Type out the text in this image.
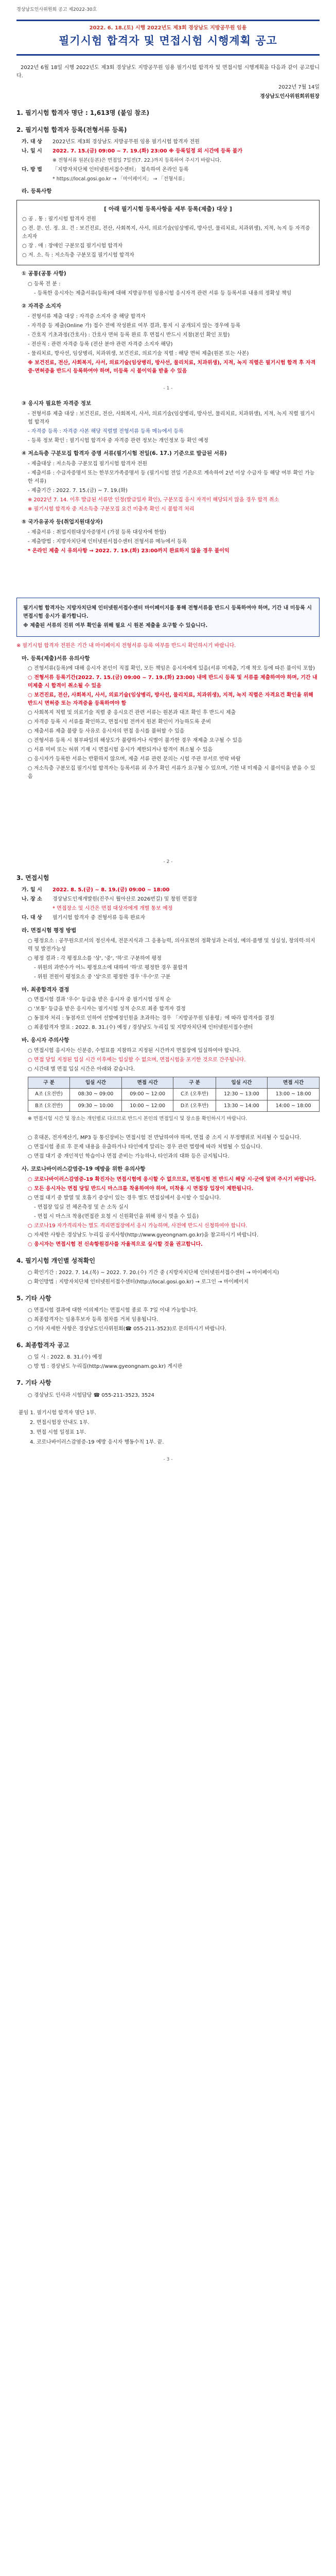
경상남도인사위원회 공고 제2022-30호

2022. 6. 18.(토) 시행 2022년도 제3회 경상남도 지방공무원 임용
필기시험 합격자 및 면접시험 시행계획 공고

2022년 6월 18일 시행 2022년도 제3회 경상남도 지방공무원 임용 필기시험 합격자 및 면접시험 시행계획을 다음과 같이 공고합니다.

2022년 7월 14일

경상남도인사위원회위원장

1. 필기시험 합격자 명단 : 1,613명 (붙임 참조)
2. 필기시험 합격자 등록(전형서류 등록)
가. 대 상	2022년도 제3회 경상남도 지방공무원 임용 필기시험 합격자 전원
나. 일 시	2022. 7. 15.(금) 09:00 ~ 7. 19.(화) 23:00 ※ 등록일정 외 시간에 등록 불가
※ 전형서류 원본(등본)은 면접일 7일전(7. 22.)까지 등록하여 주시기 바랍니다.
다. 방 법	「지방자치단체 인터넷원서접수센터」 접속하여 온라인 등록
* https://local.gosi.go.kr → 「마이페이지」 → 「전형서류」
라. 등록사항
[ 아래 필기시험 등록사항을 세부 등록(제출) 대상 ]

○ 공 . 통 : 필기시험 합격자 전원

○ 전. 문. 인. 정. 요. 건 : 보건진료, 전산, 사회복지, 사서, 의료기술(임상병리, 방사선, 물리치료, 치과위생), 지적, 녹지 등 자격증 소지자

○ 장 . 애 : 장애인 구분모집 필기시험 합격자

○ 저. 소. 득 : 저소득층 구분모집 필기시험 합격자

① 공통(공통 사항)

○ 등록 전 분 :

- 등록한 응시자는 제출서류(등록)에 대해 지방공무원 임용시험 응시자격 관련 서류 등 등록서류 내용의 정확성 책임

② 자격증 소지자

- 전형서류 제출 대상 : 자격증 소지자 중 해당 합격자

- 자격증 등 제출(Online 가) 접수 전에 작성완료 여부 결과, 통지 시 공개되지 않는 경우에 등록

- 간호직 기초과정(간호사) : 간호사 면허 등록 완료 후 면접시 반드시 지참(본인 확인 포함)

- 전산직 : 관련 자격증 등록 (전산 분야 관련 자격증 소지자 해당)

- 물리치료, 방사선, 임상병리, 치과위생, 보건진료, 의료기술 직렬 : 해당 면허 제출(원본 또는 사본)

※ 보건진료, 전산, 사회복지, 사서, 의료기술(임상병리, 방사선, 물리치료, 치과위생), 지적, 녹지 직렬은 필기시험 합격 후 자격증·면허증을 반드시 등록하여야 하며, 미등록 시 불이익을 받을 수 있음

- 1 -
③ 응시자 필요한 자격증 정보

- 전형서류 제출 대상 : 보건진료, 전산, 사회복지, 사서, 의료기술(임상병리, 방사선, 물리치료, 치과위생), 지적, 녹지 직렬 필기시험 합격자

- 자격증 등록 : 자격증 사본 해당 직렬별 전형서류 등록 메뉴에서 등록

- 등록 정보 확인 : 필기시험 합격자 중 자격증 관련 정보는 개인정보 등 확인 예정

④ 저소득층 구분모집 합격자 증명 서류(필기시험 전일(6. 17.) 기준으로 발급된 서류)

- 제출대상 : 저소득층 구분모집 필기시험 합격자 전원

- 제출서류 : 수급자증명서 또는 한부모가족증명서 등 (필기시험 전일 기준으로 계속하여 2년 이상 수급자 등 해당 여부 확인 가능한 서류)

- 제출기간 : 2022. 7. 15.(금) ~ 7. 19.(화)

※ 2022년 7. 14. 이후 발급된 서류만 인정(발급일자 확인), 구분모집 응시 자격이 해당되지 않을 경우 합격 취소

※ 필기시험 합격자 중 저소득층 구분모집 요건 미충족 확인 시 불합격 처리

⑤ 국가유공자 등(취업지원대상자)

- 제출서류 : 취업지원대상자증명서 (가점 등록 대상자에 한함)

- 제출방법 : 지방자치단체 인터넷원서접수센터 전형서류 메뉴에서 등록

* 온라인 제출 시 유의사항 → 2022. 7. 19.(화) 23:00까지 완료하지 않을 경우 불이익

필기시험 합격자는 지방자치단체 인터넷원서접수센터 마이페이지를 통해 전형서류를 반드시 등록하여야 하며, 기간 내 미등록 시 면접시험 응시가 불가합니다.

※ 제출된 서류의 진위 여부 확인을 위해 필요 시 원본 제출을 요구할 수 있습니다.

※ 필기시험 합격자 전원은 기간 내 마이페이지 전형서류 등록 여부를 반드시 확인하시기 바랍니다.

마. 등록(제출)서류 유의사항

○ 전형서류(등록)에 대해 응시자 본인이 직접 확인, 모든 책임은 응시자에게 있음(서류 미제출, 기재 착오 등에 따른 불이익 포함)

○ 전형서류 등록기간(2022. 7. 15.(금) 09:00 ~ 7. 19.(화) 23:00) 내에 반드시 등록 및 서류를 제출하여야 하며, 기간 내 미제출 시 합격이 취소될 수 있음

○ 보건진료, 전산, 사회복지, 사서, 의료기술(임상병리, 방사선, 물리치료, 치과위생), 지적, 녹지 직렬은 자격요건 확인을 위해 반드시 면허증 또는 자격증을 등록하여야 함

○ 사회복지 직렬 및 의료기술 직렬 중 응시요건 관련 서류는 원본과 대조 확인 후 반드시 제출

○ 자격증 등록 시 서류를 확인하고, 면접시험 전까지 원본 확인이 가능하도록 준비

○ 제출서류 제출 불량 등 사유로 응시자의 면접 응시를 불허할 수 있음

○ 전형서류 등록 시 첨부파일의 해상도가 불량하거나 식별이 불가한 경우 재제출 요구될 수 있음

○ 서류 미비 또는 허위 기재 시 면접시험 응시가 제한되거나 합격이 취소될 수 있음

○ 응시자가 등록한 서류는 반환하지 않으며, 제출 서류 관련 문의는 시험 주관 부서로 연락 바람

○ 저소득층 구분모집 필기시험 합격자는 등록서류 외 추가 확인 서류가 요구될 수 있으며, 기한 내 미제출 시 불이익을 받을 수 있음

- 2 -
3. 면접시험
가. 일 시	2022. 8. 5.(금) ~ 8. 19.(금) 09:00 ~ 18:00
나. 장 소	경상남도인재개발원(진주시 월아산로 2026번길) 및 창원 면접장
* 면접장소 및 시간은 면접 대상자에게 개별 통보 예정
다. 대 상	필기시험 합격자 중 전형서류 등록 완료자
라. 면접시험 평정 방법

○ 평정요소 : 공무원으로서의 정신자세, 전문지식과 그 응용능력, 의사표현의 정확성과 논리성, 예의·품행 및 성실성, 창의력·의지력 및 발전가능성

○ 평정 결과 : 각 평정요소를 '상', '중', '하'로 구분하여 평정

- 위원의 과반수가 어느 평정요소에 대하여 '하'로 평정한 경우 불합격

- 위원 전원이 평정요소 중 '상'으로 평정한 경우 '우수'로 구분

마. 최종합격자 결정

○ 면접시험 결과 '우수' 등급을 받은 응시자 중 필기시험 성적 순

○ '보통' 등급을 받은 응시자는 필기시험 성적 순으로 최종 합격자 결정

○ 동점자 처리 : 동점자로 인하여 선발예정인원을 초과하는 경우 「지방공무원 임용령」에 따라 합격자를 결정

○ 최종합격자 발표 : 2022. 8. 31.(수) 예정 / 경상남도 누리집 및 지방자치단체 인터넷원서접수센터

바. 응시자 주의사항

○ 면접시험 응시자는 신분증, 수험표를 지참하고 지정된 시간까지 면접장에 입실하여야 합니다.

○ 면접 당일 지정된 입실 시간 이후에는 입실할 수 없으며, 면접시험을 포기한 것으로 간주됩니다.

○ 시간대 별 면접 입실 시간은 아래와 같습니다.

구 분	입실 시간	면접 시간	구 분	입실 시간	면접 시간
A조 (오전반)	08:30 ~ 09:00	09:00 ~ 12:00	C조 (오후반)	12:30 ~ 13:00	13:00 ~ 18:00
B조 (오전반)	09:30 ~ 10:00	10:00 ~ 12:00	D조 (오후반)	13:30 ~ 14:00	14:00 ~ 18:00

※ 면접시험 시간 및 장소는 개인별로 다르므로 반드시 본인의 면접일시 및 장소를 확인하시기 바랍니다.

○ 휴대폰, 전자계산기, MP3 등 통신장비는 면접시험 전 반납하여야 하며, 면접 중 소지 시 부정행위로 처리될 수 있습니다.

○ 면접시험 종료 후 문제 내용을 유출하거나 타인에게 알리는 경우 관련 법령에 따라 처벌될 수 있습니다.

○ 면접 대기 중 개인적인 학습이나 면접 준비는 가능하나, 타인과의 대화 등은 금지됩니다.

사. 코로나바이러스감염증-19 예방을 위한 유의사항

○ 코로나바이러스감염증-19 확진자는 면접시험에 응시할 수 없으므로, 면접시험 전 반드시 해당 시·군에 알려 주시기 바랍니다.

○ 모든 응시자는 면접 당일 반드시 마스크를 착용하여야 하며, 미착용 시 면접장 입장이 제한됩니다.

○ 면접 대기 중 발열 및 호흡기 증상이 있는 경우 별도 면접실에서 응시할 수 있습니다.

- 면접장 입실 전 체온측정 및 손 소독 실시

- 면접 시 마스크 착용(면접관 요청 시 신원확인을 위해 잠시 벗을 수 있음)

○ 코로나19 자가격리자는 별도 격리면접장에서 응시 가능하며, 사전에 반드시 신청하여야 합니다.

○ 자세한 사항은 경상남도 누리집 공지사항(http://www.gyeongnam.go.kr)을 참고하시기 바랍니다.

○ 응시자는 면접시험 전 신속항원검사를 자율적으로 실시할 것을 권고합니다.

4. 필기시험 개인별 성적확인

○ 확인기간 : 2022. 7. 14.(목) ~ 2022. 7. 20.(수) 기간 중 (지방자치단체 인터넷원서접수센터 → 마이페이지)

○ 확인방법 : 지방자치단체 인터넷원서접수센터(http://local.gosi.go.kr) → 로그인 → 마이페이지

5. 기타 사항

○ 면접시험 결과에 대한 이의제기는 면접시험 종료 후 7일 이내 가능합니다.

○ 최종합격자는 임용후보자 등록 절차를 거쳐 임용됩니다.

○ 기타 자세한 사항은 경상남도인사위원회(☎ 055-211-3523)로 문의하시기 바랍니다.

6. 최종합격자 공고

○ 일 시 : 2022. 8. 31.(수) 예정

○ 방 법 : 경상남도 누리집(http://www.gyeongnam.go.kr) 게시판

7. 기타 사항

○ 경상남도 인사과 시험담당 ☎ 055-211-3523, 3524

붙임 1. 필기시험 합격자 명단 1부.

2. 면접시험장 안내도 1부.

3. 면접 시험 일정표 1부.

4. 코로나바이러스감염증-19 예방 응시자 행동수칙 1부. 끝.

- 3 -
